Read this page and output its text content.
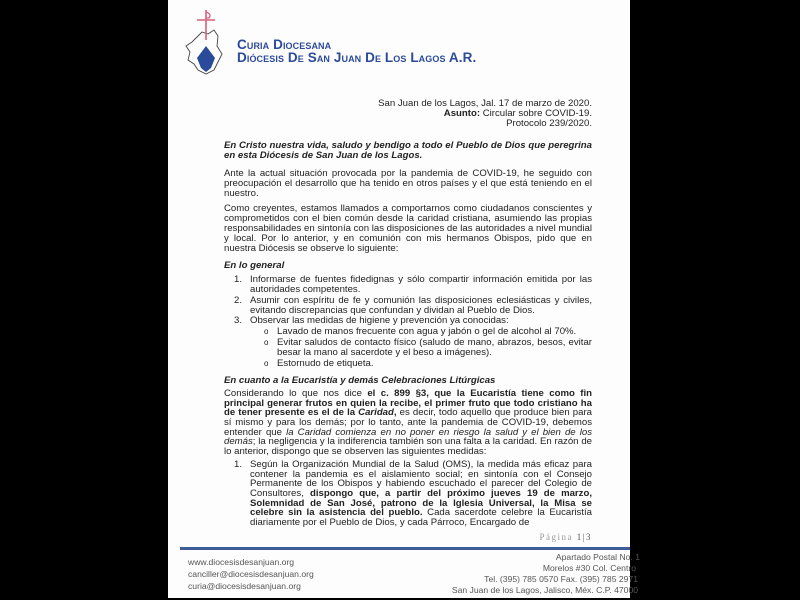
Curia Diocesana
Diócesis De San Juan De Los Lagos A.R.
San Juan de los Lagos, Jal. 17 de marzo de 2020.
Asunto: Circular sobre COVID-19.
Protocolo 239/2020.
En Cristo nuestra vida, saludo y bendigo a todo el Pueblo de Dios que peregrina en esta Diócesis de San Juan de los Lagos.
Ante la actual situación provocada por la pandemia de COVID-19, he seguido con preocupación el desarrollo que ha tenido en otros países y el que está teniendo en el nuestro.
Como creyentes, estamos llamados a comportarnos como ciudadanos conscientes y comprometidos con el bien común desde la caridad cristiana, asumiendo las propias responsabilidades en sintonía con las disposiciones de las autoridades a nivel mundial y local. Por lo anterior, y en comunión con mis hermanos Obispos, pido que en nuestra Diócesis se observe lo siguiente:
En lo general
1. Informarse de fuentes fidedignas y sólo compartir información emitida por las autoridades competentes.
2. Asumir con espíritu de fe y comunión las disposiciones eclesiásticas y civiles, evitando discrepancias que confundan y dividan al Pueblo de Dios.
3. Observar las medidas de higiene y prevención ya conocidas:
o Lavado de manos frecuente con agua y jabón o gel de alcohol al 70%.
o Evitar saludos de contacto físico (saludo de mano, abrazos, besos, evitar besar la mano al sacerdote y el beso a imágenes).
o Estornudo de etiqueta.
En cuanto a la Eucaristía y demás Celebraciones Litúrgicas
Considerando lo que nos dice el c. 899 §3, que la Eucaristía tiene como fin principal generar frutos en quien la recibe, el primer fruto que todo cristiano ha de tener presente es el de la Caridad, es decir, todo aquello que produce bien para sí mismo y para los demás; por lo tanto, ante la pandemia de COVID-19, debemos entender que la Caridad comienza en no poner en riesgo la salud y el bien de los demás; la negligencia y la indiferencia también son una falta a la caridad. En razón de lo anterior, dispongo que se observen las siguientes medidas:
1. Según la Organización Mundial de la Salud (OMS), la medida más eficaz para contener la pandemia es el aislamiento social; en sintonía con el Consejo Permanente de los Obispos y habiendo escuchado el parecer del Colegio de Consultores, dispongo que, a partir del próximo jueves 19 de marzo, Solemnidad de San José, patrono de la Iglesia Universal, la Misa se celebre sin la asistencia del pueblo. Cada sacerdote celebre la Eucaristía diariamente por el Pueblo de Dios, y cada Párroco, Encargado de
Página 1|3
www.diocesisdesanjuan.org
canciller@diocesisdesanjuan.org
curia@diocesisdesanjuan.org
Apartado Postal No. 1
Morelos #30 Col. Centro
Tel. (395) 785 0570 Fax. (395) 785 2971
San Juan de los Lagos, Jalisco, Méx. C.P. 47000
